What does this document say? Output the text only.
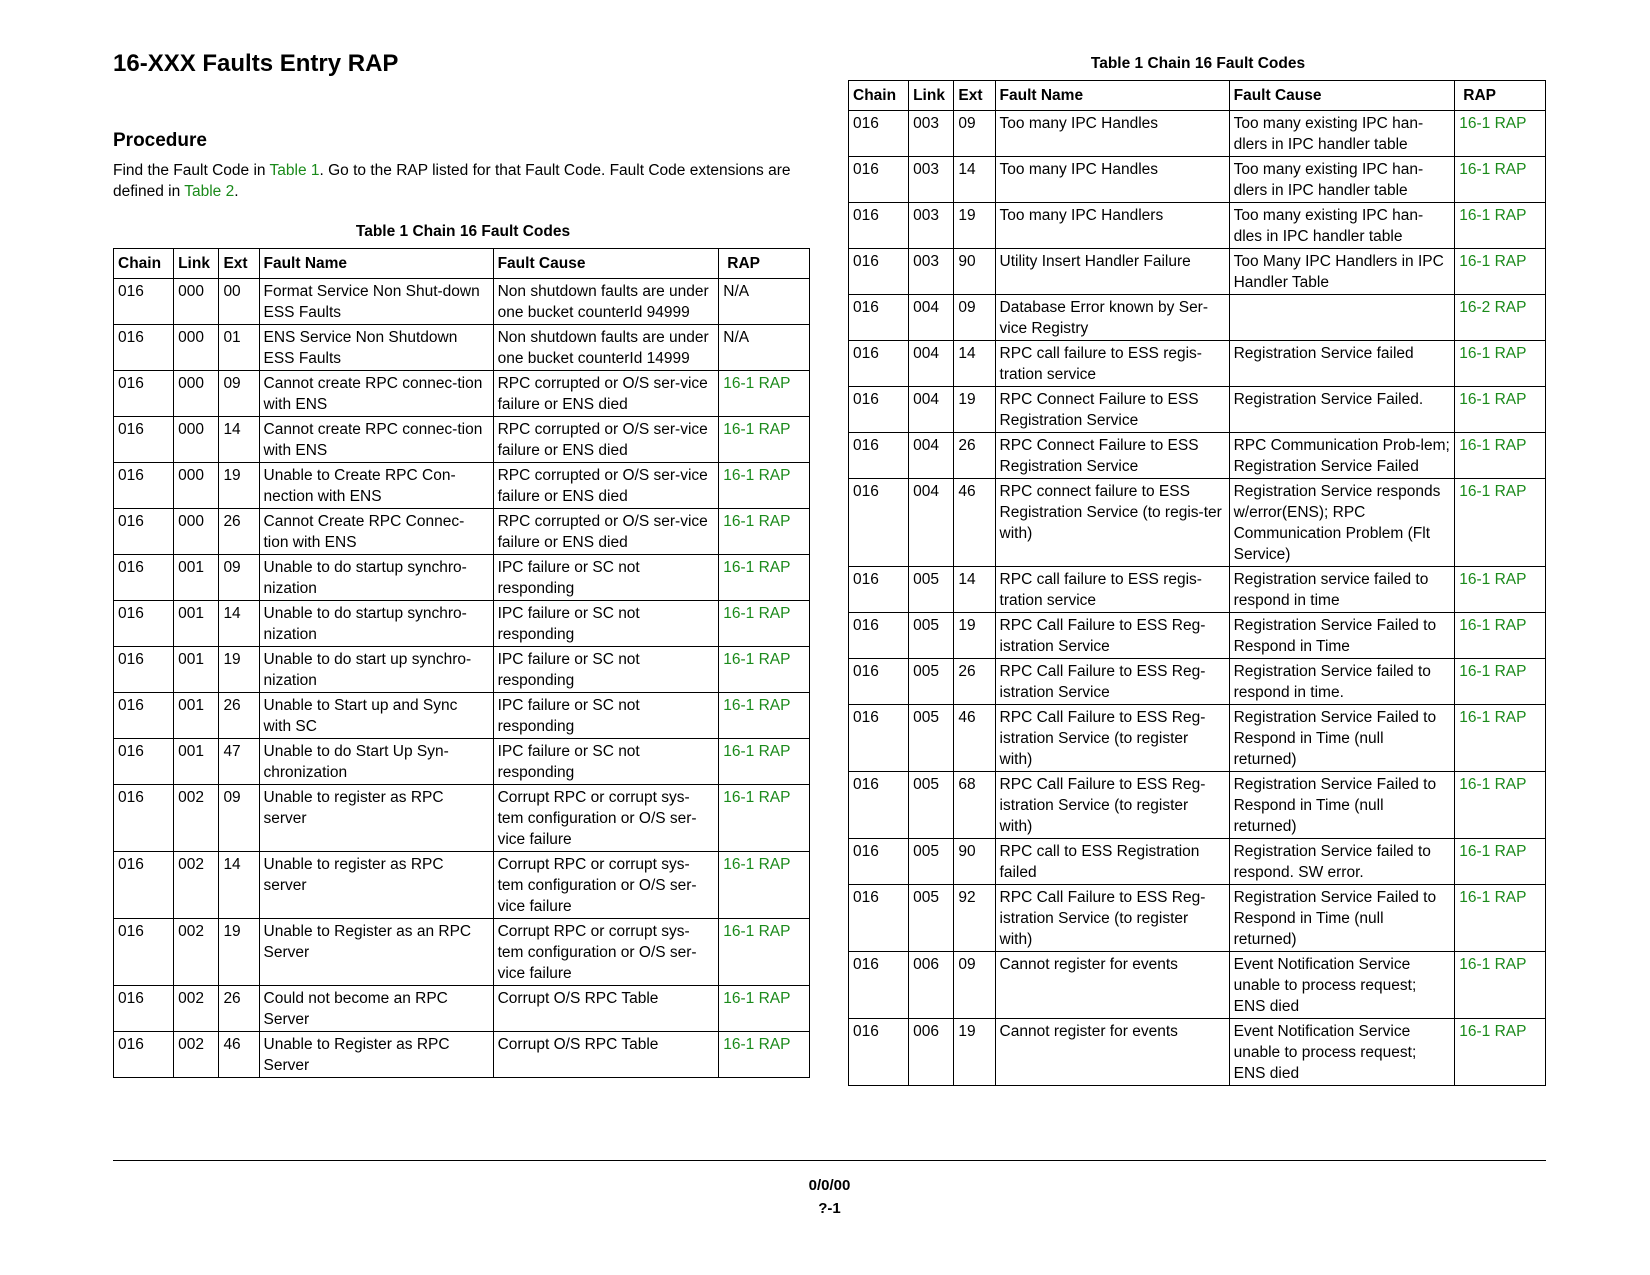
16-XXX Faults Entry RAP
Procedure

Find the Fault Code in Table 1. Go to the RAP listed for that Fault Code. Fault Code extensions are defined in Table 2.

Table 1 Chain 16 Fault Codes

Chain	Link	Ext	Fault Name	Fault Cause	RAP
016	000	00	Format Service Non Shut-down ESS Faults	Non shutdown faults are under one bucket counterId 94999	N/A
016	000	01	ENS Service Non Shutdown ESS Faults	Non shutdown faults are under one bucket counterId 14999	N/A
016	000	09	Cannot create RPC connec-tion with ENS	RPC corrupted or O/S ser-vice failure or ENS died	16-1 RAP
016	000	14	Cannot create RPC connec-tion with ENS	RPC corrupted or O/S ser-vice failure or ENS died	16-1 RAP
016	000	19	Unable to Create RPC Con-nection with ENS	RPC corrupted or O/S ser-vice failure or ENS died	16-1 RAP
016	000	26	Cannot Create RPC Connec-tion with ENS	RPC corrupted or O/S ser-vice failure or ENS died	16-1 RAP
016	001	09	Unable to do startup synchro-nization	IPC failure or SC not responding	16-1 RAP
016	001	14	Unable to do startup synchro-nization	IPC failure or SC not responding	16-1 RAP
016	001	19	Unable to do start up synchro-nization	IPC failure or SC not responding	16-1 RAP
016	001	26	Unable to Start up and Sync with SC	IPC failure or SC not responding	16-1 RAP
016	001	47	Unable to do Start Up Syn-chronization	IPC failure or SC not responding	16-1 RAP
016	002	09	Unable to register as RPC server	Corrupt RPC or corrupt sys-tem configuration or O/S ser-vice failure	16-1 RAP
016	002	14	Unable to register as RPC server	Corrupt RPC or corrupt sys-tem configuration or O/S ser-vice failure	16-1 RAP
016	002	19	Unable to Register as an RPC Server	Corrupt RPC or corrupt sys-tem configuration or O/S ser-vice failure	16-1 RAP
016	002	26	Could not become an RPC Server	Corrupt O/S RPC Table	16-1 RAP
016	002	46	Unable to Register as RPC Server	Corrupt O/S RPC Table	16-1 RAP

Table 1 Chain 16 Fault Codes

Chain	Link	Ext	Fault Name	Fault Cause	RAP
016	003	09	Too many IPC Handles	Too many existing IPC han-dlers in IPC handler table	16-1 RAP
016	003	14	Too many IPC Handles	Too many existing IPC han-dlers in IPC handler table	16-1 RAP
016	003	19	Too many IPC Handlers	Too many existing IPC han-dles in IPC handler table	16-1 RAP
016	003	90	Utility Insert Handler Failure	Too Many IPC Handlers in IPC Handler Table	16-1 RAP
016	004	09	Database Error known by Ser-vice Registry		16-2 RAP
016	004	14	RPC call failure to ESS regis-tration service	Registration Service failed	16-1 RAP
016	004	19	RPC Connect Failure to ESS Registration Service	Registration Service Failed.	16-1 RAP
016	004	26	RPC Connect Failure to ESS Registration Service	RPC Communication Prob-lem; Registration Service Failed	16-1 RAP
016	004	46	RPC connect failure to ESS Registration Service (to regis-ter with)	Registration Service responds w/error(ENS); RPC Communication Problem (Flt Service)	16-1 RAP
016	005	14	RPC call failure to ESS regis-tration service	Registration service failed to respond in time	16-1 RAP
016	005	19	RPC Call Failure to ESS Reg-istration Service	Registration Service Failed to Respond in Time	16-1 RAP
016	005	26	RPC Call Failure to ESS Reg-istration Service	Registration Service failed to respond in time.	16-1 RAP
016	005	46	RPC Call Failure to ESS Reg-istration Service (to register with)	Registration Service Failed to Respond in Time (null returned)	16-1 RAP
016	005	68	RPC Call Failure to ESS Reg-istration Service (to register with)	Registration Service Failed to Respond in Time (null returned)	16-1 RAP
016	005	90	RPC call to ESS Registration failed	Registration Service failed to respond. SW error.	16-1 RAP
016	005	92	RPC Call Failure to ESS Reg-istration Service (to register with)	Registration Service Failed to Respond in Time (null returned)	16-1 RAP
016	006	09	Cannot register for events	Event Notification Service unable to process request; ENS died	16-1 RAP
016	006	19	Cannot register for events	Event Notification Service unable to process request; ENS died	16-1 RAP

0/0/00

?-1
